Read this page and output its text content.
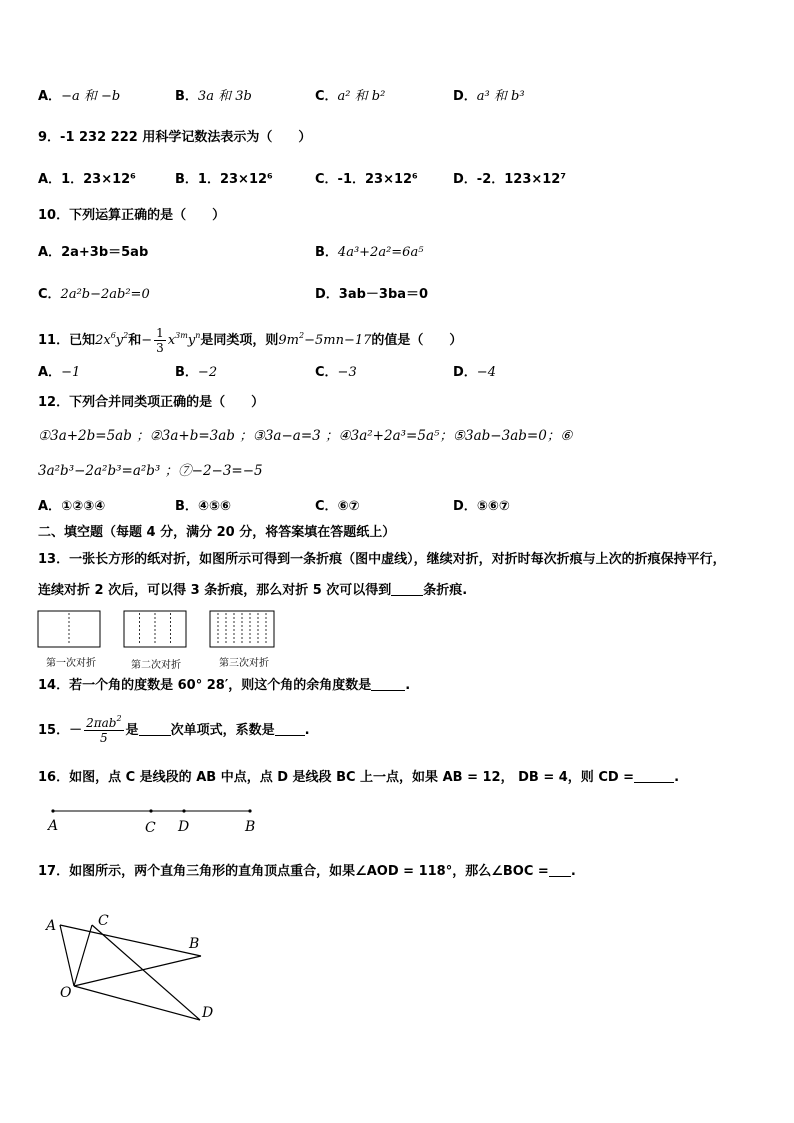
A．−a 和 −b	B．3a 和 3b	C．a² 和 b²	D．a³ 和 b³
9．-1 232 222 用科学记数法表示为（　　）
A．1．23×12⁶	B．1．23×12⁶	C．-1．23×12⁶	D．-2．123×12⁷
10．下列运算正确的是（　　）
A．2a+3b＝5ab	B．4a³+2a²=6a⁵
C．2a²b−2ab²=0	D．3ab－3ba＝0
11．已知$2x^6y^2$和− $\frac{1}{3} x^{3m}y^n$是同类项，则$9m^2-5mn-17$的值是（　　）
A．−1	B．−2	C．−3	D．−4
12．下列合并同类项正确的是（　　）
①3a+2b=5ab ；②3a+b=3ab ；③3a−a=3 ；④3a²+2a³=5a⁵；⑤3ab−3ab=0；⑥
3a²b³−2a²b³=a²b³ ；⑦−2−3=−5
A．①②③④	B．④⑤⑥	C．⑥⑦	D．⑤⑥⑦
二、填空题（每题 4 分，满分 20 分，将答案填在答题纸上）
13．一张长方形的纸对折，如图所示可得到一条折痕（图中虚线），继续对折，对折时每次折痕与上次的折痕保持平行，
连续对折 2 次后，可以得 3 条折痕，那么对折 5 次可以得到 条折痕.
第一次对折	第二次对折	第三次对折
14．若一个角的度数是 60° 28′，则这个角的余角度数是	.
15．－ $\frac{2\pi ab^2}{5}$ 是 次单项式，系数是 .
16．如图，点 C 是线段的 AB 中点，点 D 是线段 BC 上一点，如果 AB = 12， DB = 4，则 CD =	.
A	C D	B
17．如图所示，两个直角三角形的直角顶点重合，如果∠AOD = 118°，那么∠BOC = .
A	C
B
O
D
